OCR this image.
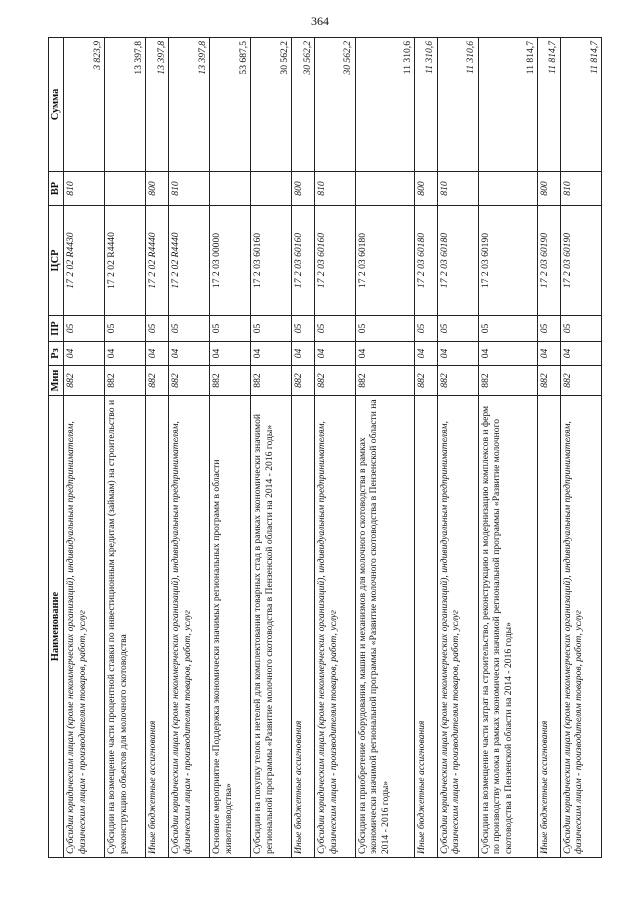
364
Наименование	Мин	Рз	ПР	ЦСР	ВР	Сумма
Субсидии юридическим лицам (кроме некоммерческих организаций), индивидуальным предпринимателям, физическим лицам - производителям товаров, работ, услуг	882	04	05	17 2 02 R4430	810	3 823,9
Субсидии на возмещение части процентной ставки по инвестиционным кредитам (займам) на строительство и реконструкцию объектов для молочного скотоводства	882	04	05	17 2 02 R4440		13 397,8
Иные бюджетные ассигнования	882	04	05	17 2 02 R4440	800	13 397,8
Субсидии юридическим лицам (кроме некоммерческих организаций), индивидуальным предпринимателям, физическим лицам - производителям товаров, работ, услуг	882	04	05	17 2 02 R4440	810	13 397,8
Основное мероприятие «Поддержка экономически значимых региональных программ в области животноводства»	882	04	05	17 2 03 00000		53 687,5
Субсидии на покупку телок и нетелей для комплектования товарных стад в рамках экономически значимой региональной программы «Развитие молочного скотоводства в Пензенской области на 2014 - 2016 годы»	882	04	05	17 2 03 60160		30 562,2
Иные бюджетные ассигнования	882	04	05	17 2 03 60160	800	30 562,2
Субсидии юридическим лицам (кроме некоммерческих организаций), индивидуальным предпринимателям, физическим лицам - производителям товаров, работ, услуг	882	04	05	17 2 03 60160	810	30 562,2
Субсидии на приобретение оборудования, машин и механизмов для молочного скотоводства в рамках экономически значимой региональной программы «Развитие молочного скотоводства в Пензенской области на 2014 - 2016 годы»	882	04	05	17 2 03 60180		11 310,6
Иные бюджетные ассигнования	882	04	05	17 2 03 60180	800	11 310,6
Субсидии юридическим лицам (кроме некоммерческих организаций), индивидуальным предпринимателям, физическим лицам - производителям товаров, работ, услуг	882	04	05	17 2 03 60180	810	11 310,6
Субсидии на возмещение части затрат на строительство, реконструкцию и модернизацию комплексов и ферм по производству молока в рамках экономически значимой региональной программы «Развитие молочного скотоводства в Пензенской области на 2014 - 2016 годы»	882	04	05	17 2 03 60190		11 814,7
Иные бюджетные ассигнования	882	04	05	17 2 03 60190	800	11 814,7
Субсидии юридическим лицам (кроме некоммерческих организаций), индивидуальным предпринимателям, физическим лицам - производителям товаров, работ, услуг	882	04	05	17 2 03 60190	810	11 814,7
